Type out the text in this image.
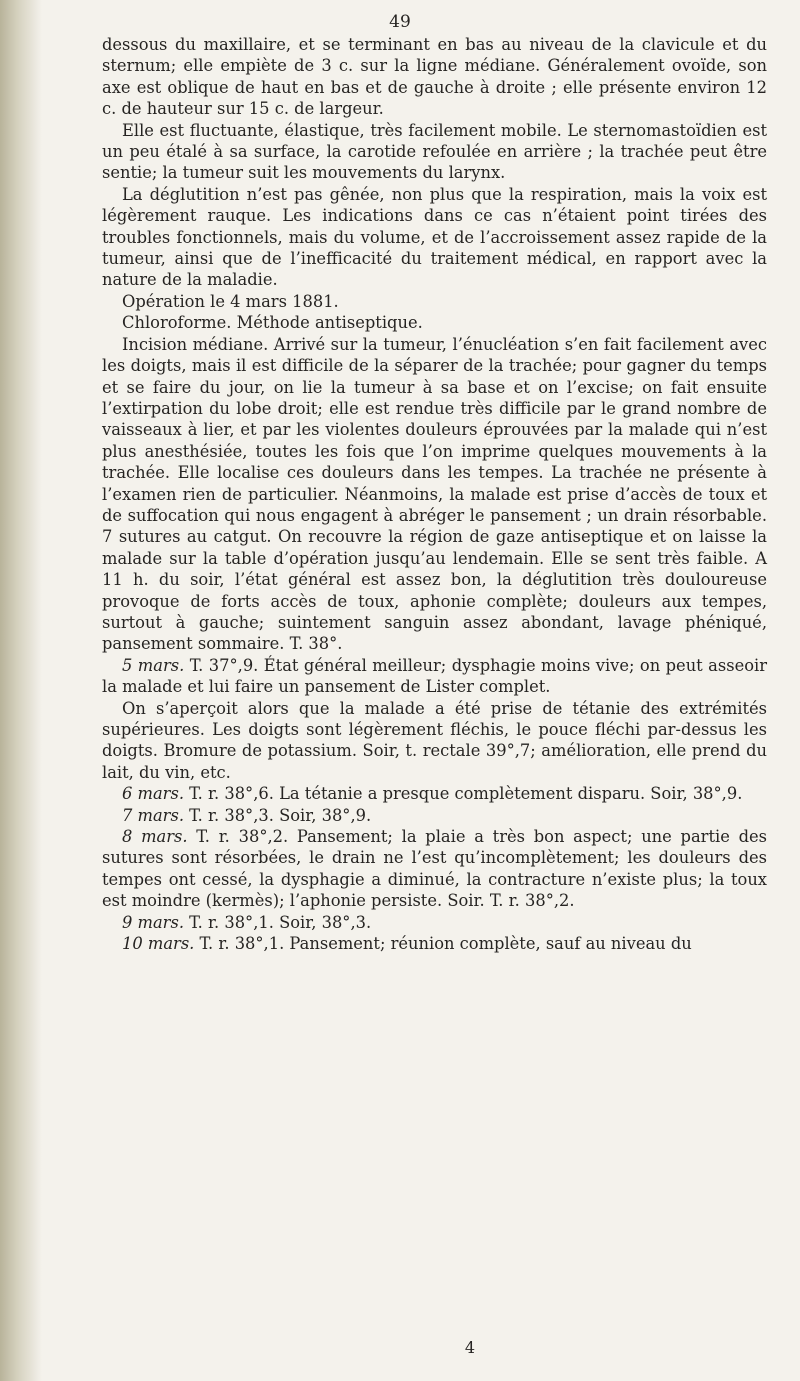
49

dessous du maxillaire, et se terminant en bas au niveau de la clavicule et du sternum; elle empiète de 3 c. sur la ligne médiane. Généralement ovoïde, son axe est oblique de haut en bas et de gauche à droite ; elle présente environ 12 c. de hauteur sur 15 c. de largeur.

Elle est fluctuante, élastique, très facilement mobile. Le sternomastoïdien est un peu étalé à sa surface, la carotide refoulée en arrière ; la trachée peut être sentie; la tumeur suit les mouvements du larynx.

La déglutition n’est pas gênée, non plus que la respiration, mais la voix est légèrement rauque. Les indications dans ce cas n’étaient point tirées des troubles fonctionnels, mais du volume, et de l’accroissement assez rapide de la tumeur, ainsi que de l’inefficacité du traitement médical, en rapport avec la nature de la maladie.

Opération le 4 mars 1881.

Chloroforme. Méthode antiseptique.

Incision médiane. Arrivé sur la tumeur, l’énucléation s’en fait facilement avec les doigts, mais il est difficile de la séparer de la trachée; pour gagner du temps et se faire du jour, on lie la tumeur à sa base et on l’excise; on fait ensuite l’extirpation du lobe droit; elle est rendue très difficile par le grand nombre de vaisseaux à lier, et par les violentes douleurs éprouvées par la malade qui n’est plus anesthésiée, toutes les fois que l’on imprime quelques mouvements à la trachée. Elle localise ces douleurs dans les tempes. La trachée ne présente à l’examen rien de particulier. Néanmoins, la malade est prise d’accès de toux et de suffocation qui nous engagent à abréger le pansement ; un drain résorbable. 7 sutures au catgut. On recouvre la région de gaze antiseptique et on laisse la malade sur la table d’opération jusqu’au lendemain. Elle se sent très faible. A 11 h. du soir, l’état général est assez bon, la déglutition très douloureuse provoque de forts accès de toux, aphonie complète; douleurs aux tempes, surtout à gauche; suintement sanguin assez abondant, lavage phéniqué, pansement sommaire. T. 38°.

5 mars. T. 37°,9. État général meilleur; dysphagie moins vive; on peut asseoir la malade et lui faire un pansement de Lister complet.

On s’aperçoit alors que la malade a été prise de tétanie des extrémités supérieures. Les doigts sont légèrement fléchis, le pouce fléchi par-dessus les doigts. Bromure de potassium. Soir, t. rectale 39°,7; amélioration, elle prend du lait, du vin, etc.

6 mars. T. r. 38°,6. La tétanie a presque complètement disparu. Soir, 38°,9.

7 mars. T. r. 38°,3. Soir, 38°,9.

8 mars. T. r. 38°,2. Pansement; la plaie a très bon aspect; une partie des sutures sont résorbées, le drain ne l’est qu’incomplètement; les douleurs des tempes ont cessé, la dysphagie a diminué, la contracture n’existe plus; la toux est moindre (kermès); l’aphonie persiste. Soir. T. r. 38°,2.

9 mars. T. r. 38°,1. Soir, 38°,3.

10 mars. T. r. 38°,1. Pansement; réunion complète, sauf au niveau du

4
